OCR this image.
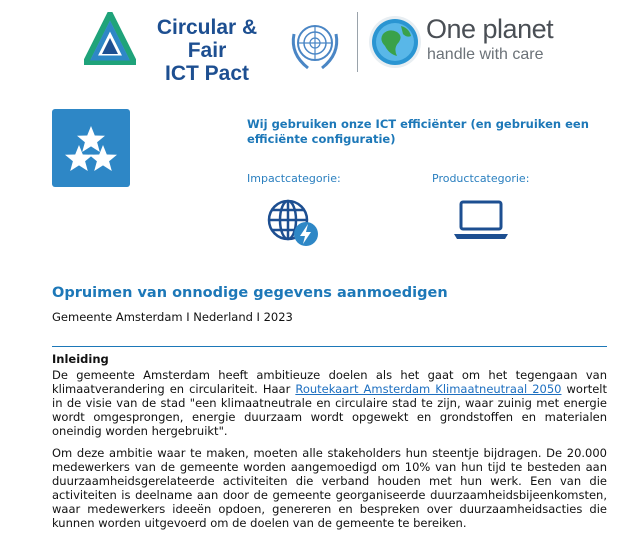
Circular & Fair
ICT Pact
One planet
handle with care
Wij gebruiken onze ICT efficiënter (en gebruiken een efficiënte configuratie)
Impactcategorie:	Productcategorie:
Opruimen van onnodige gegevens aanmoedigen
Gemeente Amsterdam I Nederland I 2023
Inleiding

De gemeente Amsterdam heeft ambitieuze doelen als het gaat om het tegengaan van klimaatverandering en circulariteit. Haar Routekaart Amsterdam Klimaatneutraal 2050 wortelt in de visie van de stad "een klimaatneutrale en circulaire stad te zijn, waar zuinig met energie wordt omgesprongen, energie duurzaam wordt opgewekt en grondstoffen en materialen oneindig worden hergebruikt".

Om deze ambitie waar te maken, moeten alle stakeholders hun steentje bijdragen. De 20.000 medewerkers van de gemeente worden aangemoedigd om 10% van hun tijd te besteden aan duurzaamheidsgerelateerde activiteiten die verband houden met hun werk. Een van die activiteiten is deelname aan door de gemeente georganiseerde duurzaamheidsbijeenkomsten, waar medewerkers ideeën opdoen, genereren en bespreken over duurzaamheidsacties die kunnen worden uitgevoerd om de doelen van de gemeente te bereiken.
